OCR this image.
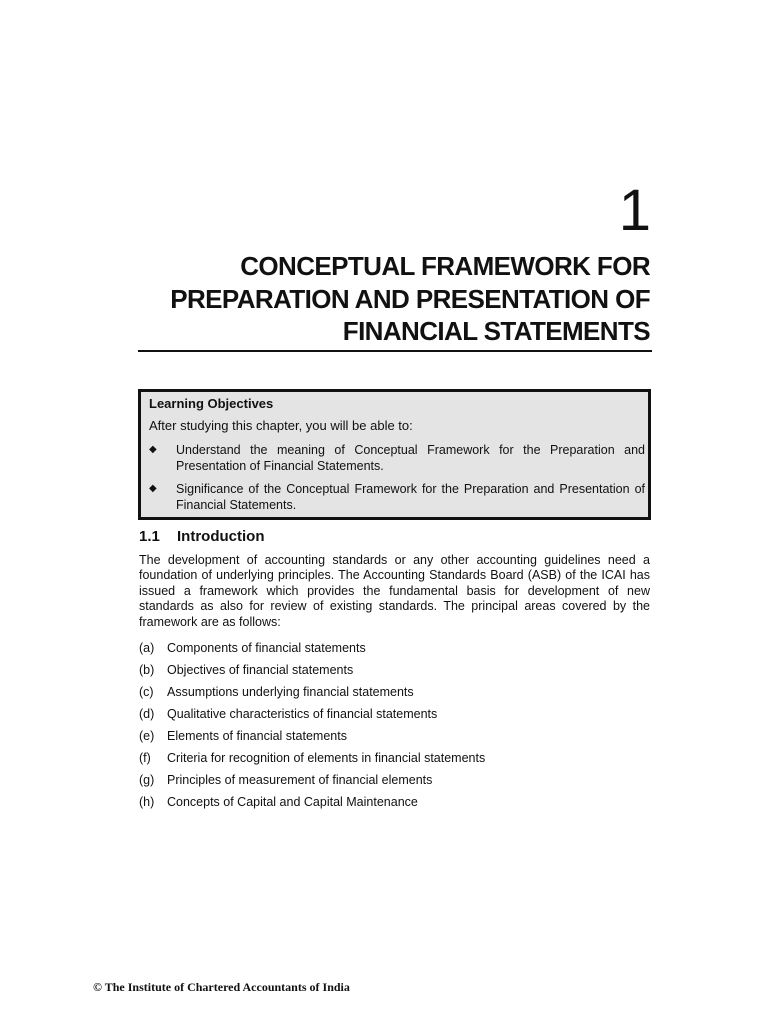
1
CONCEPTUAL FRAMEWORK FOR
PREPARATION AND PRESENTATION OF
FINANCIAL STATEMENTS
Learning Objectives
After studying this chapter, you will be able to:
◆ Understand the meaning of Conceptual Framework for the Preparation and Presentation of Financial Statements.
◆ Significance of the Conceptual Framework for the Preparation and Presentation of Financial Statements.
1.1 Introduction
The development of accounting standards or any other accounting guidelines need a foundation of underlying principles. The Accounting Standards Board (ASB) of the ICAI has issued a framework which provides the fundamental basis for development of new standards as also for review of existing standards. The principal areas covered by the framework are as follows:
(a) Components of financial statements
(b) Objectives of financial statements
(c) Assumptions underlying financial statements
(d) Qualitative characteristics of financial statements
(e) Elements of financial statements
(f) Criteria for recognition of elements in financial statements
(g) Principles of measurement of financial elements
(h) Concepts of Capital and Capital Maintenance
© The Institute of Chartered Accountants of India
